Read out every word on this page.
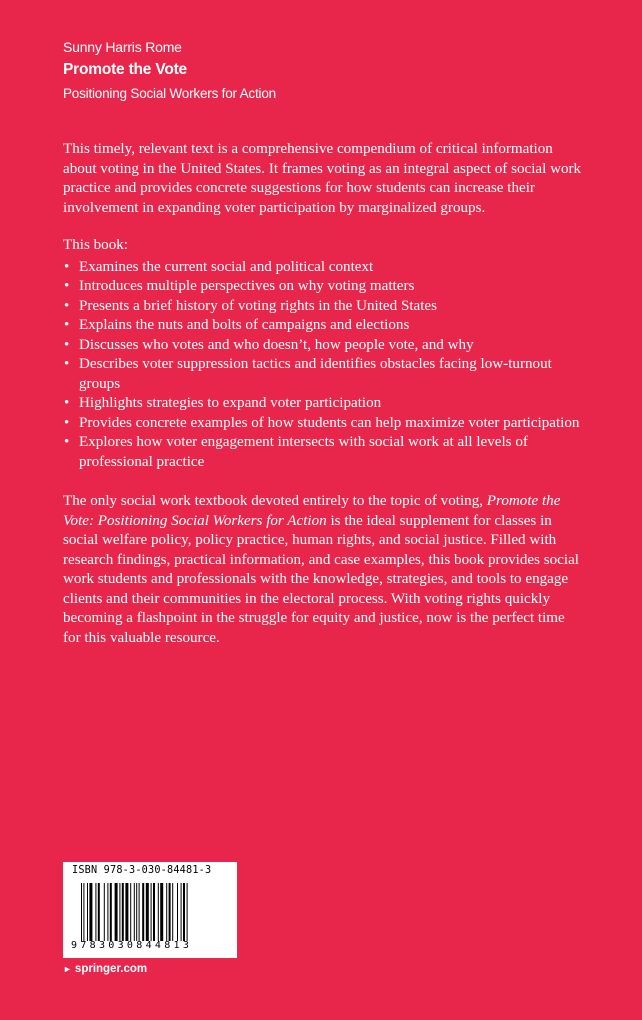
Sunny Harris Rome
Promote the Vote
Positioning Social Workers for Action

This timely, relevant text is a comprehensive compendium of critical information about voting in the United States. It frames voting as an integral aspect of social work practice and provides concrete suggestions for how students can increase their involvement in expanding voter participation by marginalized groups.

This book:

• Examines the current social and political context
• Introduces multiple perspectives on why voting matters
• Presents a brief history of voting rights in the United States
• Explains the nuts and bolts of campaigns and elections
• Discusses who votes and who doesn’t, how people vote, and why
• Describes voter suppression tactics and identifies obstacles facing low-turnout groups
• Highlights strategies to expand voter participation
• Provides concrete examples of how students can help maximize voter participation
• Explores how voter engagement intersects with social work at all levels of professional practice

The only social work textbook devoted entirely to the topic of voting, Promote the Vote: Positioning Social Workers for Action is the ideal supplement for classes in social welfare policy, policy practice, human rights, and social justice. Filled with research findings, practical information, and case examples, this book provides social work students and professionals with the knowledge, strategies, and tools to engage clients and their communities in the electoral process. With voting rights quickly becoming a flashpoint in the struggle for equity and justice, now is the perfect time for this valuable resource.

ISBN 978-3-030-84481-3
9783030844813
► springer.com
